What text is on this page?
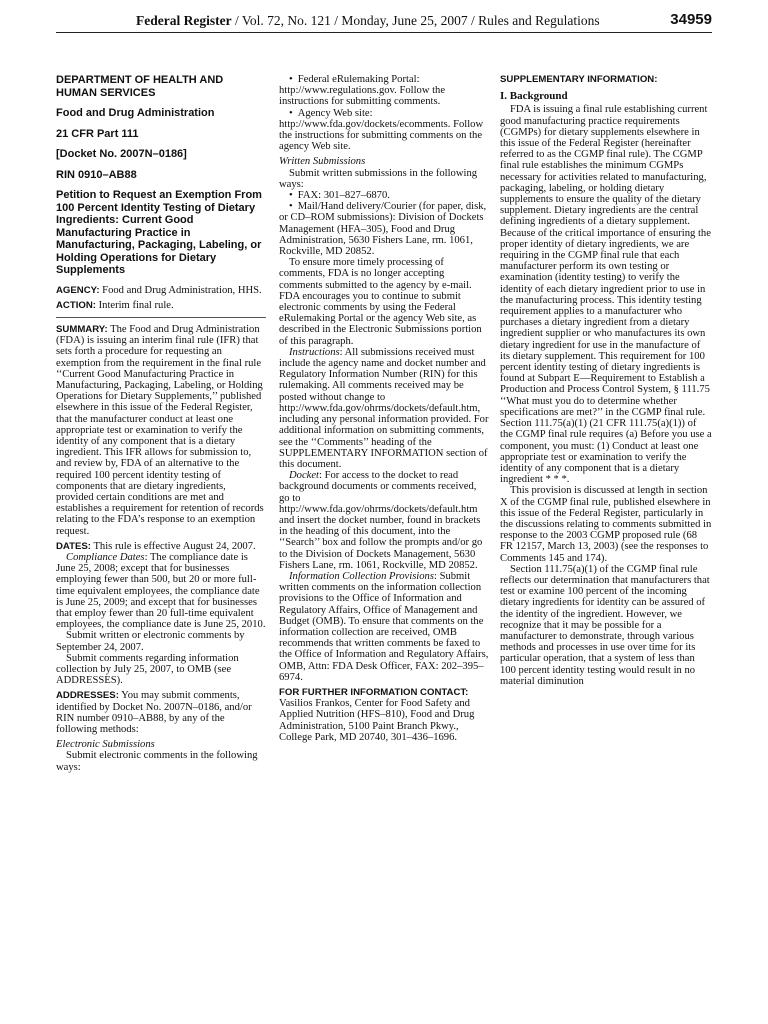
Federal Register / Vol. 72, No. 121 / Monday, June 25, 2007 / Rules and Regulations	34959

DEPARTMENT OF HEALTH AND HUMAN SERVICES

Food and Drug Administration

21 CFR Part 111

[Docket No. 2007N–0186]

RIN 0910–AB88

Petition to Request an Exemption From 100 Percent Identity Testing of Dietary Ingredients: Current Good Manufacturing Practice in Manufacturing, Packaging, Labeling, or Holding Operations for Dietary Supplements

AGENCY: Food and Drug Administration, HHS.

ACTION: Interim final rule.

SUMMARY: The Food and Drug Administration (FDA) is issuing an interim final rule (IFR) that sets forth a procedure for requesting an exemption from the requirement in the final rule ‘‘Current Good Manufacturing Practice in Manufacturing, Packaging, Labeling, or Holding Operations for Dietary Supplements,’’ published elsewhere in this issue of the Federal Register, that the manufacturer conduct at least one appropriate test or examination to verify the identity of any component that is a dietary ingredient. This IFR allows for submission to, and review by, FDA of an alternative to the required 100 percent identity testing of components that are dietary ingredients, provided certain conditions are met and establishes a requirement for retention of records relating to the FDA’s response to an exemption request.

DATES: This rule is effective August 24, 2007.

Compliance Dates: The compliance date is June 25, 2008; except that for businesses employing fewer than 500, but 20 or more full-time equivalent employees, the compliance date is June 25, 2009; and except that for businesses that employ fewer than 20 full-time equivalent employees, the compliance date is June 25, 2010.

Submit written or electronic comments by September 24, 2007.

Submit comments regarding information collection by July 25, 2007, to OMB (see ADDRESSES).

ADDRESSES: You may submit comments, identified by Docket No. 2007N–0186, and/or RIN number 0910–AB88, by any of the following methods:

Electronic Submissions

Submit electronic comments in the following ways:

• Federal eRulemaking Portal: http://www.regulations.gov. Follow the instructions for submitting comments.

• Agency Web site: http://www.fda.gov/dockets/ecomments. Follow the instructions for submitting comments on the agency Web site.

Written Submissions

Submit written submissions in the following ways:

• FAX: 301–827–6870.

• Mail/Hand delivery/Courier (for paper, disk, or CD–ROM submissions): Division of Dockets Management (HFA–305), Food and Drug Administration, 5630 Fishers Lane, rm. 1061, Rockville, MD 20852.

To ensure more timely processing of comments, FDA is no longer accepting comments submitted to the agency by e-mail. FDA encourages you to continue to submit electronic comments by using the Federal eRulemaking Portal or the agency Web site, as described in the Electronic Submissions portion of this paragraph.

Instructions: All submissions received must include the agency name and docket number and Regulatory Information Number (RIN) for this rulemaking. All comments received may be posted without change to http://www.fda.gov/ohrms/dockets/default.htm, including any personal information provided. For additional information on submitting comments, see the ‘‘Comments’’ heading of the SUPPLEMENTARY INFORMATION section of this document.

Docket: For access to the docket to read background documents or comments received, go to http://www.fda.gov/ohrms/dockets/default.htm and insert the docket number, found in brackets in the heading of this document, into the ‘‘Search’’ box and follow the prompts and/or go to the Division of Dockets Management, 5630 Fishers Lane, rm. 1061, Rockville, MD 20852.

Information Collection Provisions: Submit written comments on the information collection provisions to the Office of Information and Regulatory Affairs, Office of Management and Budget (OMB). To ensure that comments on the information collection are received, OMB recommends that written comments be faxed to the Office of Information and Regulatory Affairs, OMB, Attn: FDA Desk Officer, FAX: 202–395–6974.

FOR FURTHER INFORMATION CONTACT: Vasilios Frankos, Center for Food Safety and Applied Nutrition (HFS–810), Food and Drug Administration, 5100 Paint Branch Pkwy., College Park, MD 20740, 301–436–1696.

SUPPLEMENTARY INFORMATION:

I. Background

FDA is issuing a final rule establishing current good manufacturing practice requirements (CGMPs) for dietary supplements elsewhere in this issue of the Federal Register (hereinafter referred to as the CGMP final rule). The CGMP final rule establishes the minimum CGMPs necessary for activities related to manufacturing, packaging, labeling, or holding dietary supplements to ensure the quality of the dietary supplement. Dietary ingredients are the central defining ingredients of a dietary supplement. Because of the critical importance of ensuring the proper identity of dietary ingredients, we are requiring in the CGMP final rule that each manufacturer perform its own testing or examination (identity testing) to verify the identity of each dietary ingredient prior to use in the manufacturing process. This identity testing requirement applies to a manufacturer who purchases a dietary ingredient from a dietary ingredient supplier or who manufactures its own dietary ingredient for use in the manufacture of its dietary supplement. This requirement for 100 percent identity testing of dietary ingredients is found at Subpart E—Requirement to Establish a Production and Process Control System, § 111.75 ‘‘What must you do to determine whether specifications are met?’’ in the CGMP final rule. Section 111.75(a)(1) (21 CFR 111.75(a)(1)) of the CGMP final rule requires (a) Before you use a component, you must: (1) Conduct at least one appropriate test or examination to verify the identity of any component that is a dietary ingredient * * *.

This provision is discussed at length in section X of the CGMP final rule, published elsewhere in this issue of the Federal Register, particularly in the discussions relating to comments submitted in response to the 2003 CGMP proposed rule (68 FR 12157, March 13, 2003) (see the responses to Comments 145 and 174).

Section 111.75(a)(1) of the CGMP final rule reflects our determination that manufacturers that test or examine 100 percent of the incoming dietary ingredients for identity can be assured of the identity of the ingredient. However, we recognize that it may be possible for a manufacturer to demonstrate, through various methods and processes in use over time for its particular operation, that a system of less than 100 percent identity testing would result in no material diminution
